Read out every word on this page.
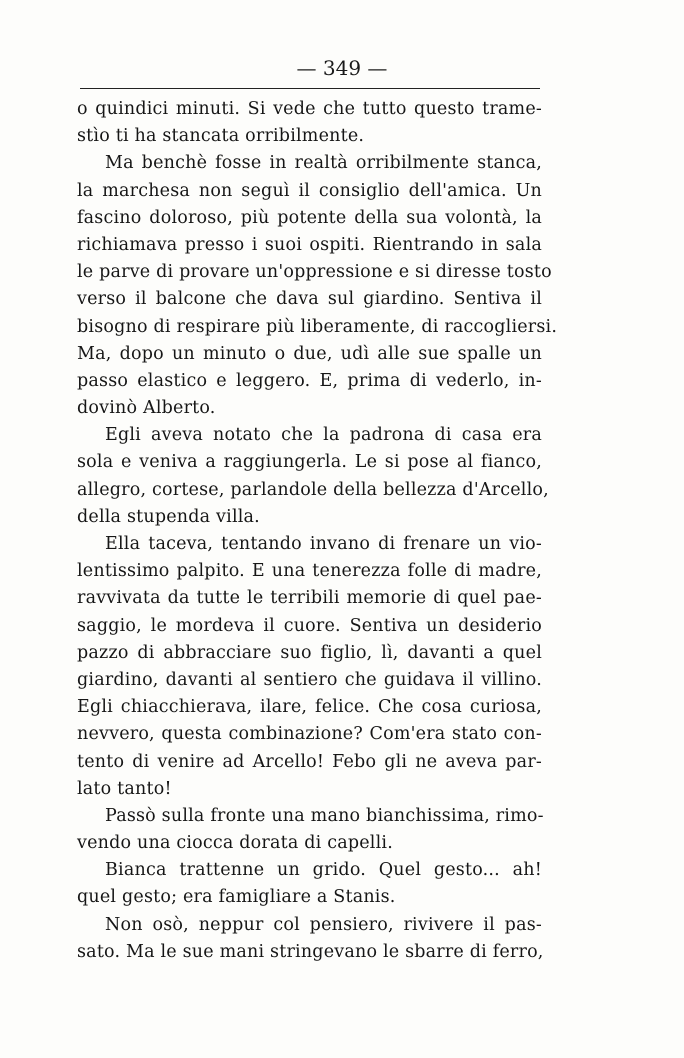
— 349 —
o quindici minuti. Si vede che tutto questo trame-
stìo ti ha stancata orribilmente.
Ma benchè fosse in realtà orribilmente stanca,
la marchesa non seguì il consiglio dell'amica. Un
fascino doloroso, più potente della sua volontà, la
richiamava presso i suoi ospiti. Rientrando in sala
le parve di provare un'oppressione e si diresse tosto
verso il balcone che dava sul giardino. Sentiva il
bisogno di respirare più liberamente, di raccogliersi.
Ma, dopo un minuto o due, udì alle sue spalle un
passo elastico e leggero. E, prima di vederlo, in-
dovinò Alberto.
Egli aveva notato che la padrona di casa era
sola e veniva a raggiungerla. Le si pose al fianco,
allegro, cortese, parlandole della bellezza d'Arcello,
della stupenda villa.
Ella taceva, tentando invano di frenare un vio-
lentissimo palpito. E una tenerezza folle di madre,
ravvivata da tutte le terribili memorie di quel pae-
saggio, le mordeva il cuore. Sentiva un desiderio
pazzo di abbracciare suo figlio, lì, davanti a quel
giardino, davanti al sentiero che guidava il villino.
Egli chiacchierava, ilare, felice. Che cosa curiosa,
nevvero, questa combinazione? Com'era stato con-
tento di venire ad Arcello! Febo gli ne aveva par-
lato tanto!
Passò sulla fronte una mano bianchissima, rimo-
vendo una ciocca dorata di capelli.
Bianca trattenne un grido. Quel gesto... ah!
quel gesto; era famigliare a Stanis.
Non osò, neppur col pensiero, rivivere il pas-
sato. Ma le sue mani stringevano le sbarre di ferro,
